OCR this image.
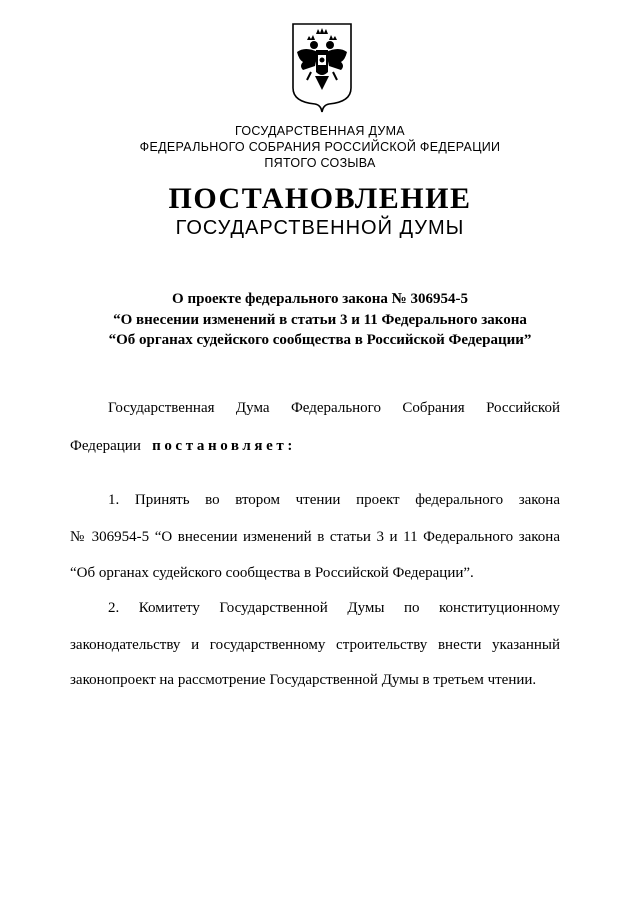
ГОСУДАРСТВЕННАЯ ДУМА
ФЕДЕРАЛЬНОГО СОБРАНИЯ РОССИЙСКОЙ ФЕДЕРАЦИИ
ПЯТОГО СОЗЫВА
ПОСТАНОВЛЕНИЕ
ГОСУДАРСТВЕННОЙ ДУМЫ
О проекте федерального закона № 306954-5
“О внесении изменений в статьи 3 и 11 Федерального закона
“Об органах судейского сообщества в Российской Федерации”
Государственная Дума Федерального Собрания Российской
Федерации постановляет:
1. Принять во втором чтении проект федерального закона
№ 306954-5 “О внесении изменений в статьи 3 и 11 Федерального закона
“Об органах судейского сообщества в Российской Федерации”.
2. Комитету Государственной Думы по конституционному
законодательству и государственному строительству внести указанный
законопроект на рассмотрение Государственной Думы в третьем чтении.
